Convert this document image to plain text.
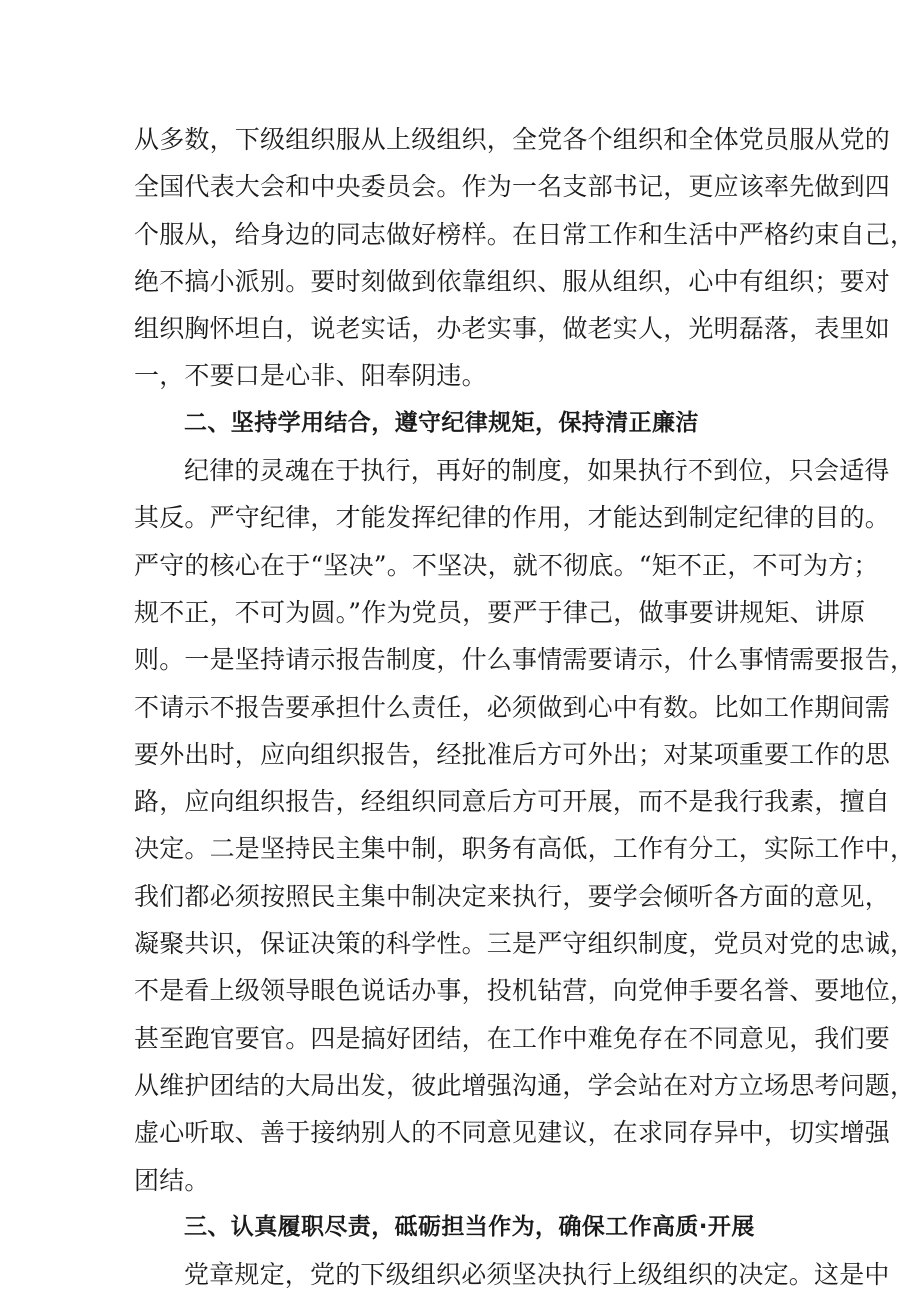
从多数，下级组织服从上级组织，全党各个组织和全体党员服从党的
全国代表大会和中央委员会。作为一名支部书记，更应该率先做到四
个服从，给身边的同志做好榜样。在日常工作和生活中严格约束自己，
绝不搞小派别。要时刻做到依靠组织、服从组织，心中有组织；要对
组织胸怀坦白，说老实话，办老实事，做老实人，光明磊落，表里如
一，不要口是心非、阳奉阴违。
二、坚持学用结合，遵守纪律规矩，保持清正廉洁
纪律的灵魂在于执行，再好的制度，如果执行不到位，只会适得
其反。严守纪律，才能发挥纪律的作用，才能达到制定纪律的目的。
严守的核心在于“坚决”。不坚决，就不彻底。“矩不正，不可为方；
规不正，不可为圆。”作为党员，要严于律己，做事要讲规矩、讲原
则。一是坚持请示报告制度，什么事情需要请示，什么事情需要报告，
不请示不报告要承担什么责任，必须做到心中有数。比如工作期间需
要外出时，应向组织报告，经批准后方可外出；对某项重要工作的思
路，应向组织报告，经组织同意后方可开展，而不是我行我素，擅自
决定。二是坚持民主集中制，职务有高低，工作有分工，实际工作中，
我们都必须按照民主集中制决定来执行，要学会倾听各方面的意见，
凝聚共识，保证决策的科学性。三是严守组织制度，党员对党的忠诚，
不是看上级领导眼色说话办事，投机钻营，向党伸手要名誉、要地位，
甚至跑官要官。四是搞好团结，在工作中难免存在不同意见，我们要
从维护团结的大局出发，彼此增强沟通，学会站在对方立场思考问题，
虚心听取、善于接纳别人的不同意见建议，在求同存异中，切实增强
团结。
三、认真履职尽责，砥砺担当作为，确保工作高质·开展
党章规定，党的下级组织必须坚决执行上级组织的决定。这是中
